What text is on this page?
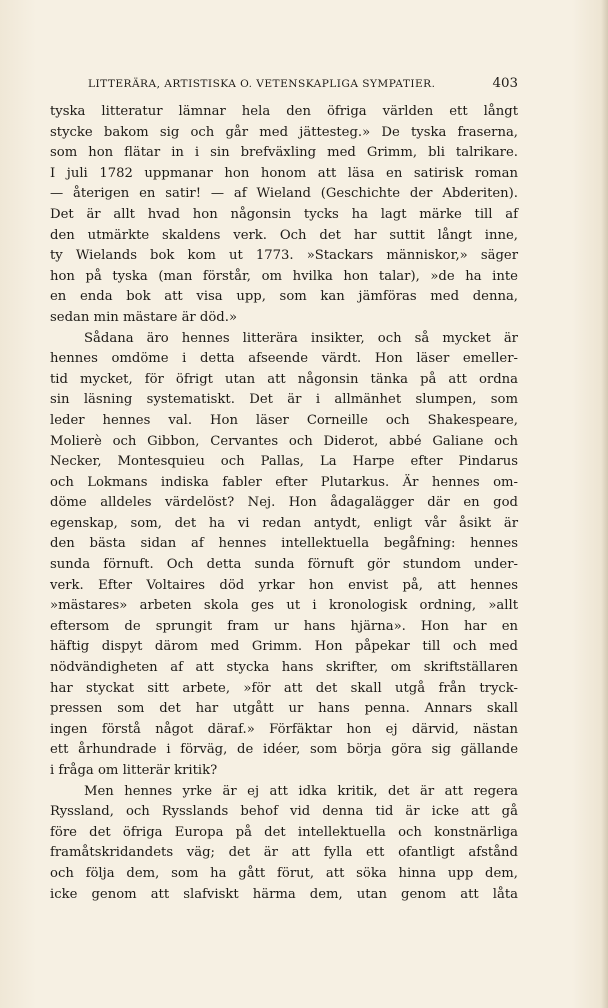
LITTERÄRA, ARTISTISKA O. VETENSKAPLIGA SYMPATIER.	403
tyska litteratur lämnar hela den öfriga världen ett långt
stycke bakom sig och går med jättesteg.» De tyska fraserna,
som hon flätar in i sin brefväxling med Grimm, bli talrikare.
I juli 1782 uppmanar hon honom att läsa en satirisk roman
— återigen en satir! — af Wieland (Geschichte der Abderiten).
Det är allt hvad hon någonsin tycks ha lagt märke till af
den utmärkte skaldens verk. Och det har suttit långt inne,
ty Wielands bok kom ut 1773. »Stackars människor,» säger
hon på tyska (man förstår, om hvilka hon talar), »de ha inte
en enda bok att visa upp, som kan jämföras med denna,
sedan min mästare är död.»
Sådana äro hennes litterära insikter, och så mycket är
hennes omdöme i detta afseende värdt. Hon läser emeller-
tid mycket, för öfrigt utan att någonsin tänka på att ordna
sin läsning systematiskt. Det är i allmänhet slumpen, som
leder hennes val. Hon läser Corneille och Shakespeare,
Molierè och Gibbon, Cervantes och Diderot, abbé Galiane och
Necker, Montesquieu och Pallas, La Harpe efter Pindarus
och Lokmans indiska fabler efter Plutarkus. Är hennes om-
döme alldeles värdelöst? Nej. Hon ådagalägger där en god
egenskap, som, det ha vi redan antydt, enligt vår åsikt är
den bästa sidan af hennes intellektuella begåfning: hennes
sunda förnuft. Och detta sunda förnuft gör stundom under-
verk. Efter Voltaires död yrkar hon envist på, att hennes
»mästares» arbeten skola ges ut i kronologisk ordning, »allt
eftersom de sprungit fram ur hans hjärna». Hon har en
häftig dispyt därom med Grimm. Hon påpekar till och med
nödvändigheten af att stycka hans skrifter, om skriftställaren
har styckat sitt arbete, »för att det skall utgå från tryck-
pressen som det har utgått ur hans penna. Annars skall
ingen förstå något däraf.» Förfäktar hon ej därvid, nästan
ett århundrade i förväg, de idéer, som börja göra sig gällande
i fråga om litterär kritik?
Men hennes yrke är ej att idka kritik, det är att regera
Ryssland, och Rysslands behof vid denna tid är icke att gå
före det öfriga Europa på det intellektuella och konstnärliga
framåtskridandets väg; det är att fylla ett ofantligt afstånd
och följa dem, som ha gått förut, att söka hinna upp dem,
icke genom att slafviskt härma dem, utan genom att låta
